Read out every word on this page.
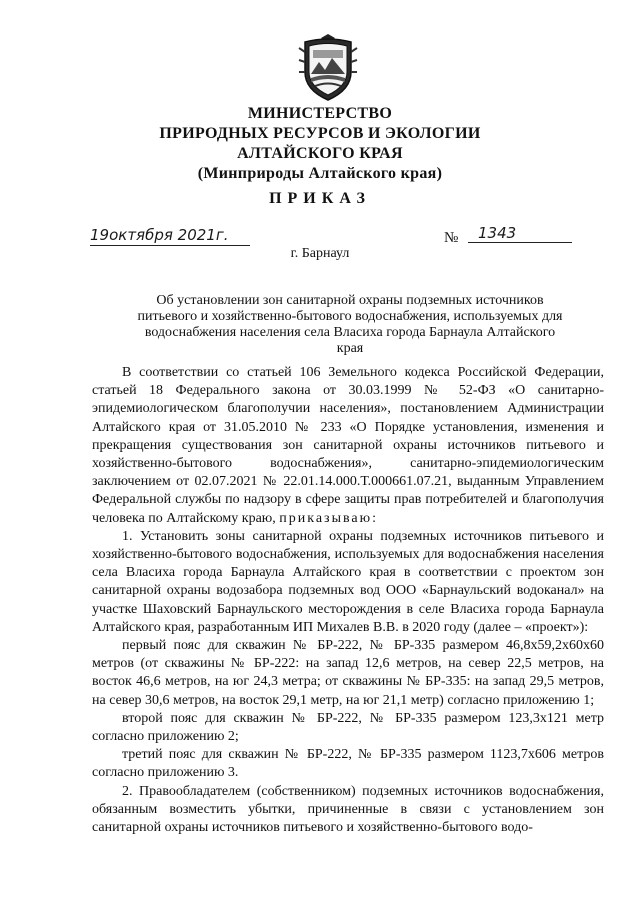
МИНИСТЕРСТВО
ПРИРОДНЫХ РЕСУРСОВ И ЭКОЛОГИИ
АЛТАЙСКОГО КРАЯ
(Минприроды Алтайского края)
ПРИКАЗ
19октября 2021г.	№	1343
г. Барнаул
Об установлении зон санитарной охраны подземных источников питьевого и хозяйственно-бытового водоснабжения, используемых для водоснабжения населения села Власиха города Барнаула Алтайского края

В соответствии со статьей 106 Земельного кодекса Российской Федерации, статьей 18 Федерального закона от 30.03.1999 № 52-ФЗ «О санитарно-эпидемиологическом благополучии населения», постановлением Администрации Алтайского края от 31.05.2010 № 233 «О Порядке установления, изменения и прекращения существования зон санитарной охраны источников питьевого и хозяйственно-бытового водоснабжения», санитарно-эпидемиологическим заключением от 02.07.2021 № 22.01.14.000.Т.000661.07.21, выданным Управлением Федеральной службы по надзору в сфере защиты прав потребителей и благополучия человека по Алтайскому краю, приказываю:

1. Установить зоны санитарной охраны подземных источников питьевого и хозяйственно-бытового водоснабжения, используемых для водоснабжения населения села Власиха города Барнаула Алтайского края в соответствии с проектом зон санитарной охраны водозабора подземных вод ООО «Барнаульский водоканал» на участке Шаховский Барнаульского месторождения в селе Власиха города Барнаула Алтайского края, разработанным ИП Михалев В.В. в 2020 году (далее – «проект»):

первый пояс для скважин № БР-222, № БР-335 размером 46,8х59,2х60х60 метров (от скважины № БР-222: на запад 12,6 метров, на север 22,5 метров, на восток 46,6 метров, на юг 24,3 метра; от скважины № БР-335: на запад 29,5 метров, на север 30,6 метров, на восток 29,1 метр, на юг 21,1 метр) согласно приложению 1;

второй пояс для скважин № БР-222, № БР-335 размером 123,3х121 метр согласно приложению 2;

третий пояс для скважин № БР-222, № БР-335 размером 1123,7х606 метров согласно приложению 3.

2. Правообладателем (собственником) подземных источников водоснабжения, обязанным возместить убытки, причиненные в связи с установлением зон санитарной охраны источников питьевого и хозяйственно-бытового водо-
